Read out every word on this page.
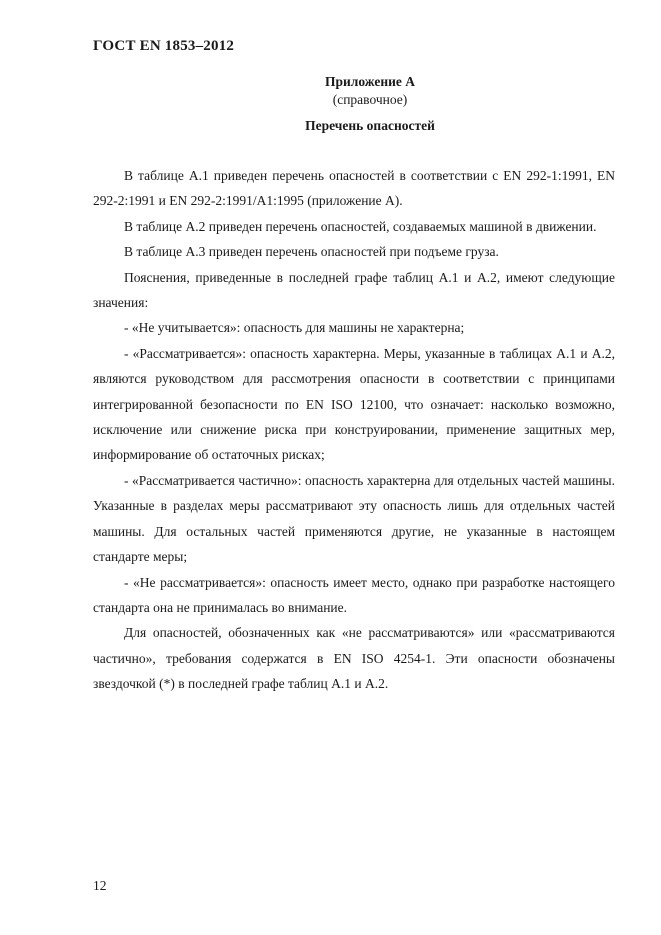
ГОСТ EN 1853–2012
Приложение А
(справочное)
Перечень опасностей

В таблице А.1 приведен перечень опасностей в соответствии с EN 292-1:1991, EN 292-2:1991 и EN 292-2:1991/A1:1995 (приложение А).

В таблице А.2 приведен перечень опасностей, создаваемых машиной в движении.

В таблице А.3 приведен перечень опасностей при подъеме груза.

Пояснения, приведенные в последней графе таблиц А.1 и А.2, имеют следующие значения:

- «Не учитывается»: опасность для машины не характерна;

- «Рассматривается»: опасность характерна. Меры, указанные в таблицах А.1 и А.2, являются руководством для рассмотрения опасности в соответствии с принципами интегрированной безопасности по EN ISO 12100, что означает: насколько возможно, исключение или снижение риска при конструировании, применение защитных мер, информирование об остаточных рисках;

- «Рассматривается частично»: опасность характерна для отдельных частей машины. Указанные в разделах меры рассматривают эту опасность лишь для отдельных частей машины. Для остальных частей применяются другие, не указанные в настоящем стандарте меры;

- «Не рассматривается»: опасность имеет место, однако при разработке настоящего стандарта она не принималась во внимание.

Для опасностей, обозначенных как «не рассматриваются» или «рассматриваются частично», требования содержатся в EN ISO 4254-1. Эти опасности обозначены звездочкой (*) в последней графе таблиц А.1 и А.2.

12
